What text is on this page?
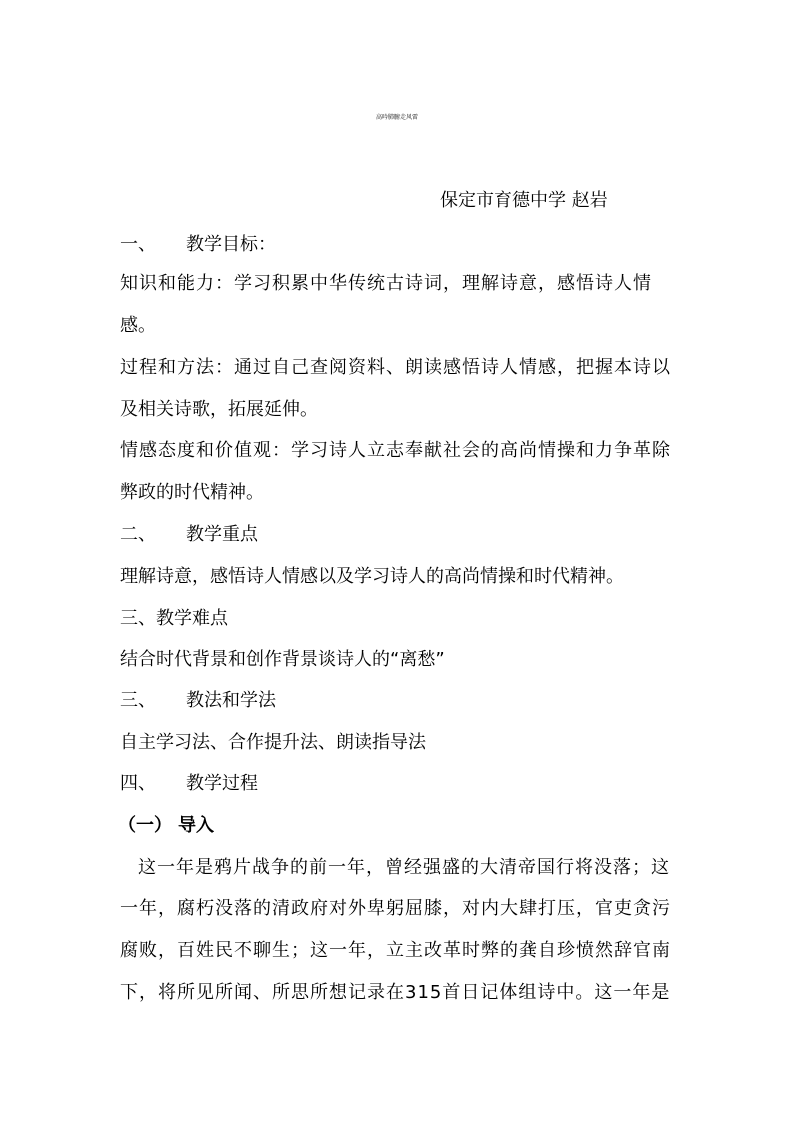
高吟肺腑走风雷
保定市育德中学 赵岩
一、 教学目标：
知识和能力：学习积累中华传统古诗词，理解诗意，感悟诗人情
感。
过程和方法：通过自己查阅资料、朗读感悟诗人情感，把握本诗以
及相关诗歌，拓展延伸。
情感态度和价值观：学习诗人立志奉献社会的高尚情操和力争革除
弊政的时代精神。
二、 教学重点
理解诗意，感悟诗人情感以及学习诗人的高尚情操和时代精神。
三、教学难点
结合时代背景和创作背景谈诗人的“离愁”
三、 教法和学法
自主学习法、合作提升法、朗读指导法
四、 教学过程
（一） 导入
这一年是鸦片战争的前一年，曾经强盛的大清帝国行将没落；这
一年，腐朽没落的清政府对外卑躬屈膝，对内大肆打压，官吏贪污
腐败，百姓民不聊生；这一年，立主改革时弊的龚自珍愤然辞官南
下，将所见所闻、所思所想记录在315首日记体组诗中。这一年是
